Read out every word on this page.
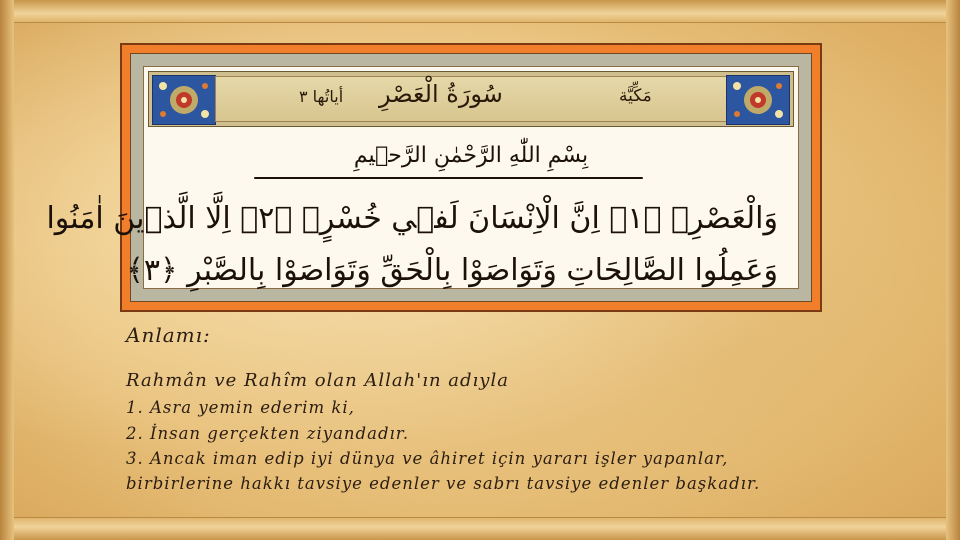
أياتُها ٣ سُورَةُ الْعَصْرِ	مَكِّيَّة
بِسْمِ اللّٰهِ الرَّحْمٰنِ الرَّح۪يمِ
وَالْعَصْرِۙ ﴿١﴾ اِنَّ الْاِنْسَانَ لَف۪ي خُسْرٍۙ ﴿٢﴾ اِلَّا الَّذ۪ينَ اٰمَنُوا
وَعَمِلُوا الصَّالِحَاتِ وَتَوَاصَوْا بِالْحَقِّ وَتَوَاصَوْا بِالصَّبْرِ ﴿٣﴾
Anlamı:
Rahmân ve Rahîm olan Allah'ın adıyla
1. Asra yemin ederim ki,
2. İnsan gerçekten ziyandadır.
3. Ancak iman edip iyi dünya ve âhiret için yararı işler yapanlar,
birbirlerine hakkı tavsiye edenler ve sabrı tavsiye edenler başkadır.
